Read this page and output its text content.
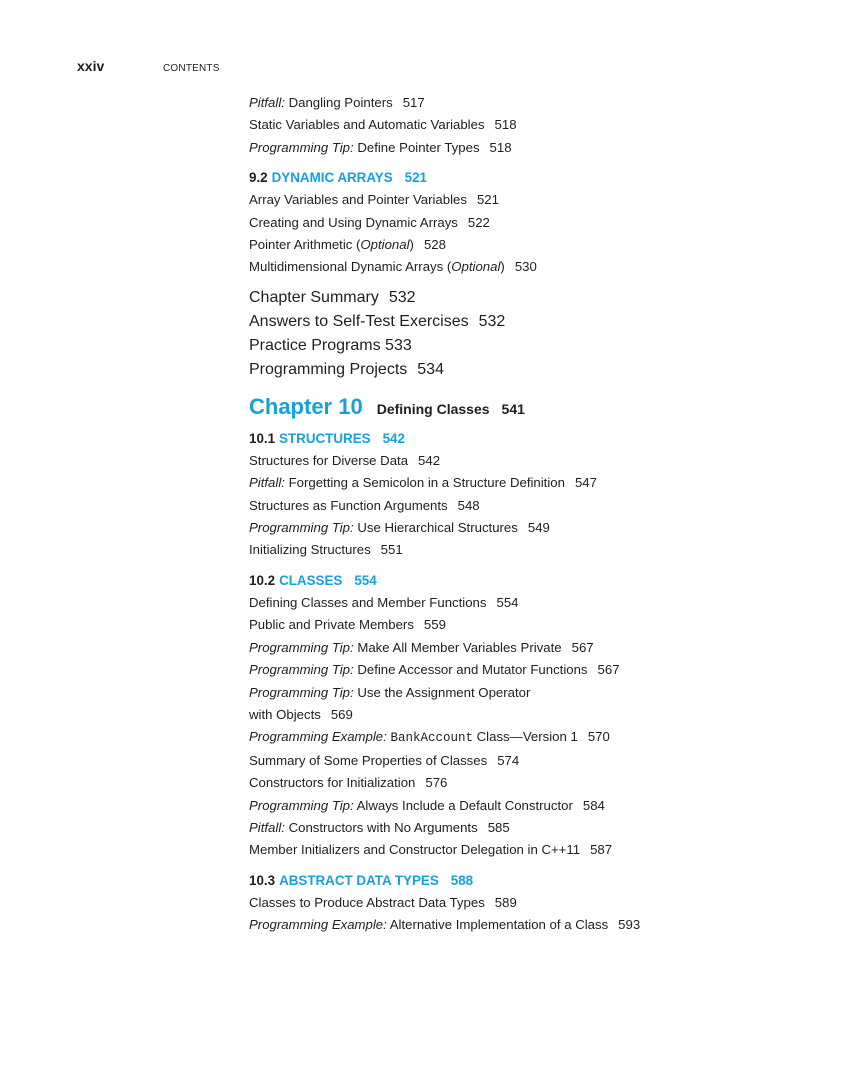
xxiv	CONTENTS
Pitfall: Dangling Pointers 517
Static Variables and Automatic Variables 518
Programming Tip: Define Pointer Types 518
9.2 DYNAMIC ARRAYS 521
Array Variables and Pointer Variables 521
Creating and Using Dynamic Arrays 522
Pointer Arithmetic (Optional) 528
Multidimensional Dynamic Arrays (Optional) 530
Chapter Summary 532
Answers to Self-Test Exercises 532
Practice Programs 533
Programming Projects 534
Chapter 10 Defining Classes 541
10.1 STRUCTURES 542
Structures for Diverse Data 542
Pitfall: Forgetting a Semicolon in a Structure Definition 547
Structures as Function Arguments 548
Programming Tip: Use Hierarchical Structures 549
Initializing Structures 551
10.2 CLASSES 554
Defining Classes and Member Functions 554
Public and Private Members 559
Programming Tip: Make All Member Variables Private 567
Programming Tip: Define Accessor and Mutator Functions 567
Programming Tip: Use the Assignment Operator
with Objects 569
Programming Example: BankAccount Class—Version 1 570
Summary of Some Properties of Classes 574
Constructors for Initialization 576
Programming Tip: Always Include a Default Constructor 584
Pitfall: Constructors with No Arguments 585
Member Initializers and Constructor Delegation in C++11 587
10.3 ABSTRACT DATA TYPES 588
Classes to Produce Abstract Data Types 589
Programming Example: Alternative Implementation of a Class 593
